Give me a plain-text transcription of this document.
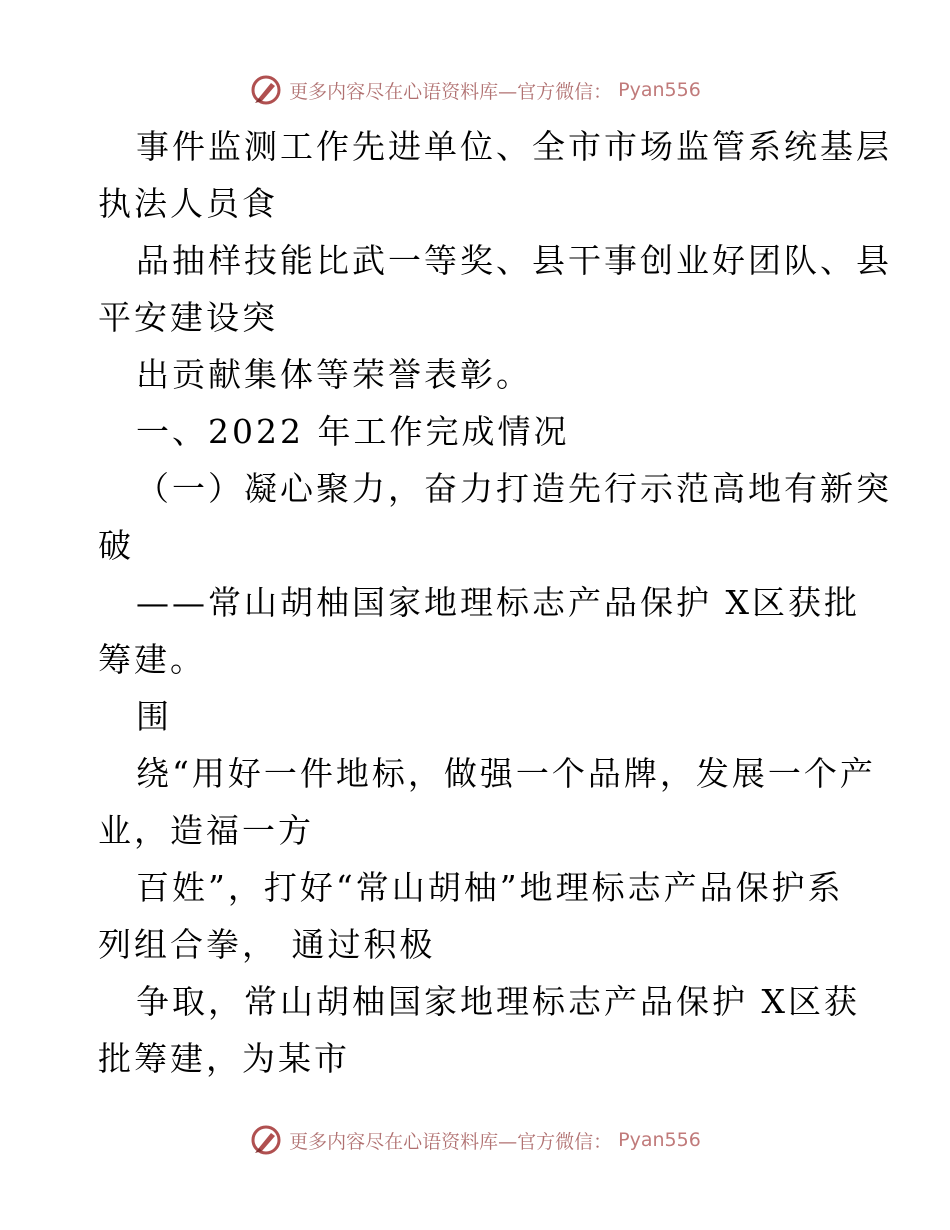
更多内容尽在心语资料库—官方微信： Pyan556
事件监测工作先进单位、全市市场监管系统基层
执法人员食
品抽样技能比武一等奖、县干事创业好团队、县
平安建设突
出贡献集体等荣誉表彰。
一、2022 年工作完成情况
（一）凝心聚力，奋力打造先行示范高地有新突
破
——常山胡柚国家地理标志产品保护 X区获批
筹建。
围
绕“用好一件地标，做强一个品牌，发展一个产
业，造福一方
百姓”，打好“常山胡柚”地理标志产品保护系
列组合拳， 通过积极
争取，常山胡柚国家地理标志产品保护 X区获
批筹建，为某市
更多内容尽在心语资料库—官方微信： Pyan556
